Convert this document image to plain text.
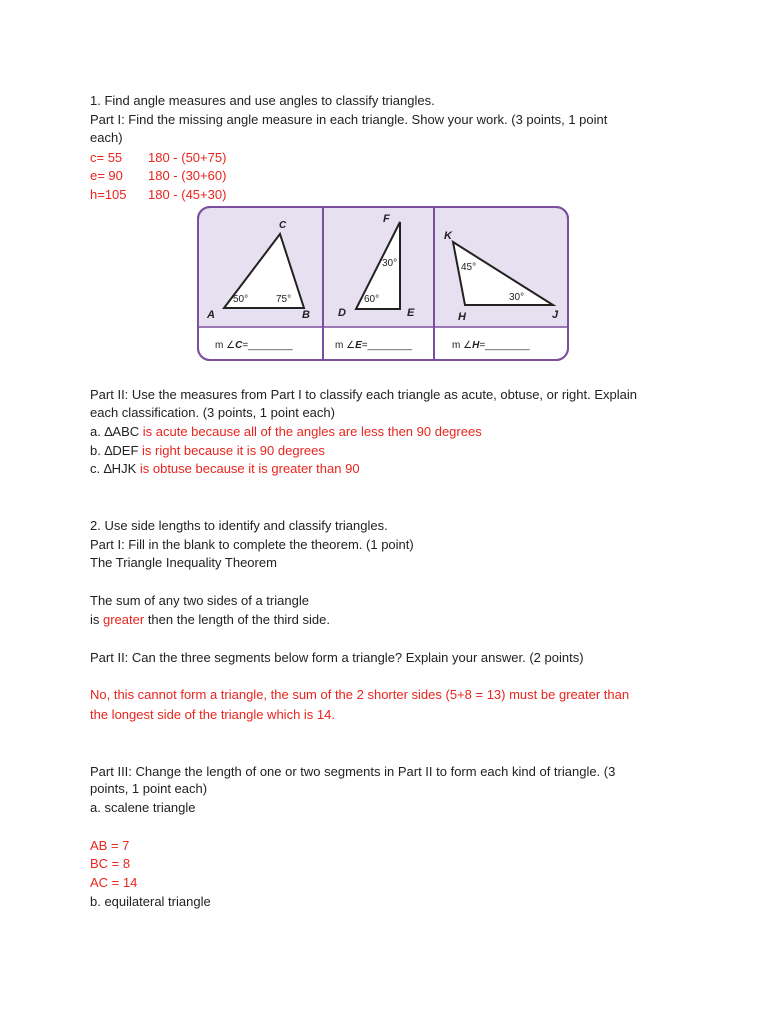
1. Find angle measures and use angles to classify triangles.
Part I: Find the missing angle measure in each triangle. Show your work. (3 points, 1 point
each)
c= 55 180 - (50+75)
e= 90 180 - (30+60)
h=105 180 - (45+30)
C
A	B
50°	75°
F
D	E
30°
60°
K
H	J
45°
30°
m ∠C=________	m ∠E=________	m ∠H=________
Part II: Use the measures from Part I to classify each triangle as acute, obtuse, or right. Explain
each classification. (3 points, 1 point each)
a. ∆ABC is acute because all of the angles are less then 90 degrees
b. ∆DEF is right because it is 90 degrees
c. ∆HJK is obtuse because it is greater than 90
2. Use side lengths to identify and classify triangles.
Part I: Fill in the blank to complete the theorem. (1 point)
The Triangle Inequality Theorem
The sum of any two sides of a triangle
is greater then the length of the third side.
Part II: Can the three segments below form a triangle? Explain your answer. (2 points)
No, this cannot form a triangle, the sum of the 2 shorter sides (5+8 = 13) must be greater than
the longest side of the triangle which is 14.
Part III: Change the length of one or two segments in Part II to form each kind of triangle. (3
points, 1 point each)
a. scalene triangle
AB = 7
BC = 8
AC = 14
b. equilateral triangle
